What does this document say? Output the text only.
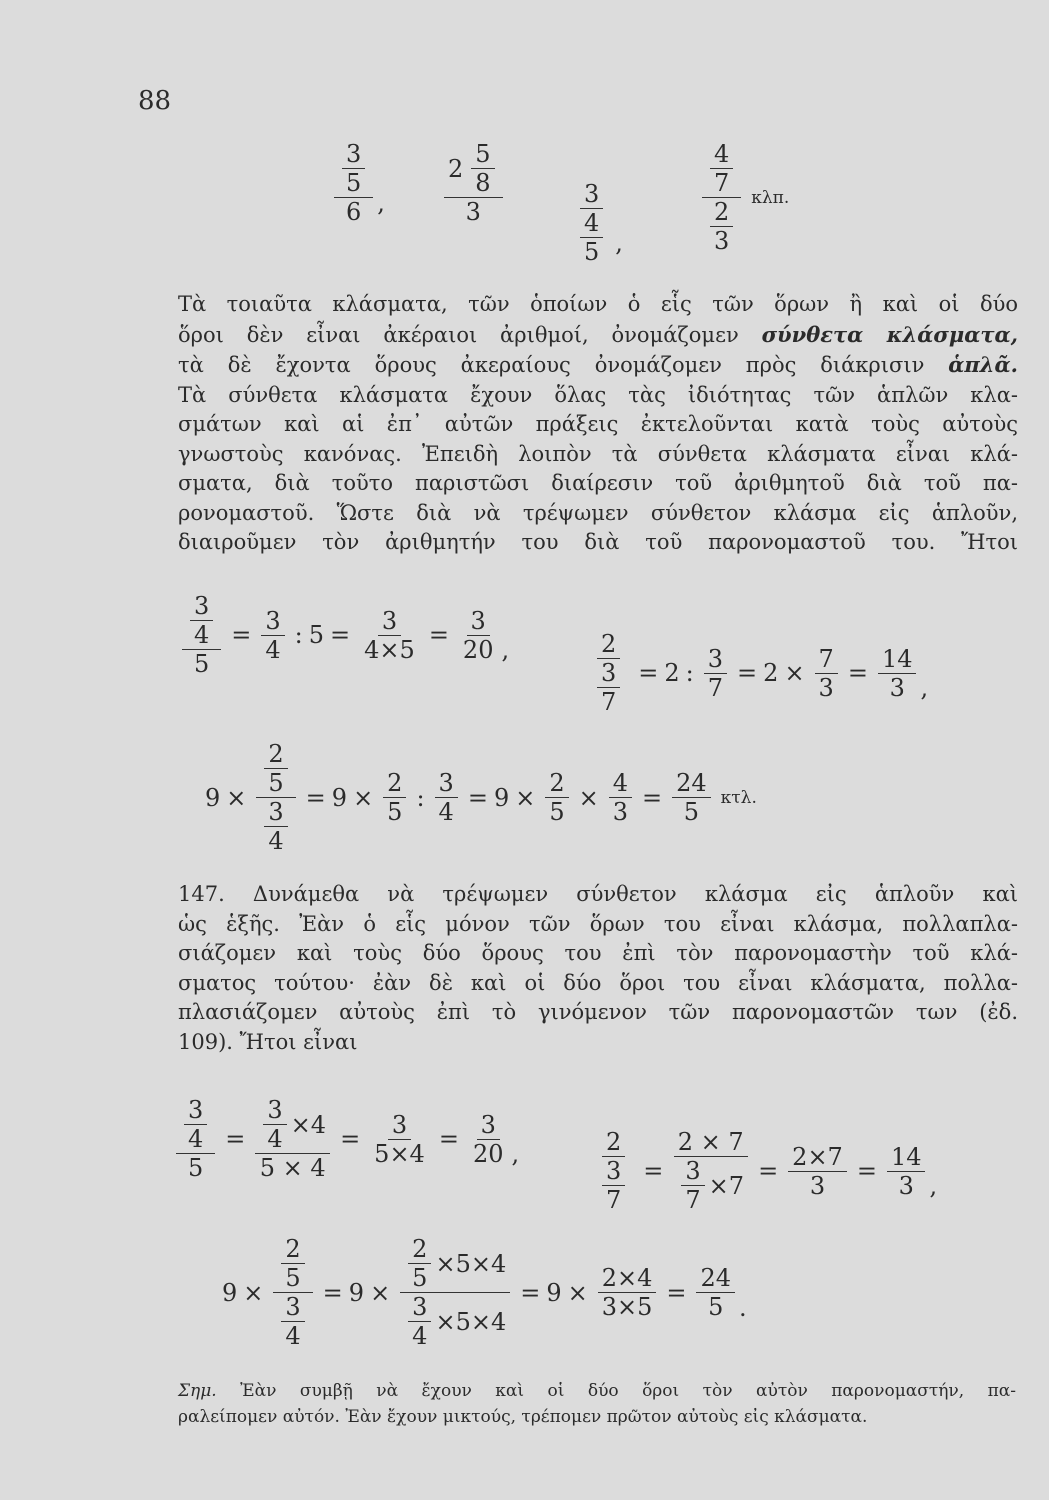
88
$\frac{\frac{3}{5}}{6}$ , $\frac{2 \frac{5}{8}}{3}$	$\frac{3}{\frac{4}{5}}$ ,	$\frac{\frac{4}{7}}{\frac{2}{3}} \kappa\lambda\pi$.
Τὰ τοιαῦτα κλάσματα, τῶν ὁποίων ὁ εἷς τῶν ὅρων ἢ καὶ οἱ δύο
ὅροι δὲν εἶναι ἀκέραιοι ἀριθμοί, ὀνομάζομεν σύνθετα κλάσματα,
τὰ δὲ ἔχοντα ὅρους ἀκεραίους ὀνομάζομεν πρὸς διάκρισιν ἁπλᾶ.
Τὰ σύνθετα κλάσματα ἔχουν ὅλας τὰς ἰδιότητας τῶν ἁπλῶν κλα-
σμάτων καὶ αἱ ἐπ᾿ αὐτῶν πράξεις ἐκτελοῦνται κατὰ τοὺς αὐτοὺς
γνωστοὺς κανόνας. Ἐπειδὴ λοιπὸν τὰ σύνθετα κλάσματα εἶναι κλά-
σματα, διὰ τοῦτο παριστῶσι διαίρεσιν τοῦ ἀριθμητοῦ διὰ τοῦ πα-
ρονομαστοῦ. Ὥστε διὰ νὰ τρέψωμεν σύνθετον κλάσμα εἰς ἁπλοῦν,
διαιροῦμεν τὸν ἀριθμητήν του διὰ τοῦ παρονομαστοῦ του. Ἤτοι
$\frac{\frac{3}{4}}{5} = \frac{3}{4}$ : $5 = \frac{3}{4\times 5} = \frac{3}{20}$ ,	$\frac{2}{\frac{3}{7}} = 2$ : $\frac{3}{7} = 2 \times \frac{7}{3} = \frac{14}{3}$ ,
$9 \times \frac{\frac{2}{5}}{\frac{3}{4}} = 9 \times \frac{2}{5}$ : $\frac{3}{4} = 9 \times \frac{2}{5} \times \frac{4}{3} = \frac{24}{5} \kappa\tau\lambda$.
147. Δυνάμεθα νὰ τρέψωμεν σύνθετον κλάσμα εἰς ἁπλοῦν καὶ
ὡς ἑξῆς. Ἐὰν ὁ εἷς μόνον τῶν ὅρων του εἶναι κλάσμα, πολλαπλα-
σιάζομεν καὶ τοὺς δύο ὅρους του ἐπὶ τὸν παρονομαστὴν τοῦ κλά-
σματος τούτου· ἐὰν δὲ καὶ οἱ δύο ὅροι του εἶναι κλάσματα, πολλα-
πλασιάζομεν αὐτοὺς ἐπὶ τὸ γινόμενον τῶν παρονομαστῶν των (ἐδ.
109). Ἤτοι εἶναι
$\frac{\frac{3}{4}}{5} = \frac{\frac{3}{4} \times 4}{5 \times 4} = \frac{3}{5\times 4} = \frac{3}{20}$ ,	$\frac{2}{\frac{3}{7}} = \frac{2 \times 7}{\frac{3}{7} \times 7} = \frac{2\times 7}{3} = \frac{14}{3}$ ,
$9 \times \frac{\frac{2}{5}}{\frac{3}{4}} = 9 \times \frac{\frac{2}{5} \times 5\times 4}{\frac{3}{4} \times 5\times 4} = 9 \times \frac{2\times 4}{3\times 5} = \frac{24}{5}$ .
Σημ. Ἐὰν συμβῇ νὰ ἔχουν καὶ οἱ δύο ὅροι τὸν αὐτὸν παρονομαστήν, πα-
ραλείπομεν αὐτόν. Ἐὰν ἔχουν μικτούς, τρέπομεν πρῶτον αὐτοὺς εἰς κλάσματα.
